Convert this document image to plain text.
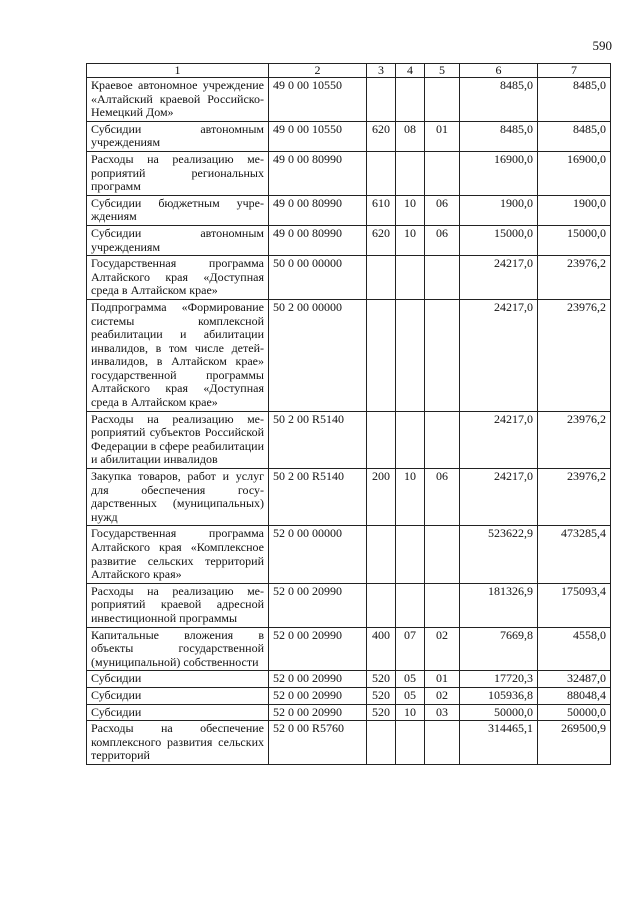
590
1	2	3	4	5	6	7
Краевое автономное учреждение «Алтайский краевой Российско-Немецкий Дом»	49 0 00 10550				8485,0	8485,0
Субсидии автономным учреждениям	49 0 00 10550	620	08	01	8485,0	8485,0
Расходы на реализацию мероприятий региональных программ	49 0 00 80990				16900,0	16900,0
Субсидии бюджетным учреждениям	49 0 00 80990	610	10	06	1900,0	1900,0
Субсидии автономным учреждениям	49 0 00 80990	620	10	06	15000,0	15000,0
Государственная программа Алтайского края «Доступная среда в Алтайском крае»	50 0 00 00000				24217,0	23976,2
Подпрограмма «Формирование системы комплексной реабилитации и абилитации инвалидов, в том числе детей-инвалидов, в Алтайском крае» государственной программы Алтайского края «Доступная среда в Алтайском крае»	50 2 00 00000				24217,0	23976,2
Расходы на реализацию мероприятий субъектов Российской Федерации в сфере реабилитации и абилитации инвалидов	50 2 00 R5140				24217,0	23976,2
Закупка товаров, работ и услуг для обеспечения государственных (муниципальных) нужд	50 2 00 R5140	200	10	06	24217,0	23976,2
Государственная программа Алтайского края «Комплексное развитие сельских территорий Алтайского края»	52 0 00 00000				523622,9	473285,4
Расходы на реализацию мероприятий краевой адресной инвестиционной программы	52 0 00 20990				181326,9	175093,4
Капитальные вложения в объекты государственной (муниципальной) собственности	52 0 00 20990	400	07	02	7669,8	4558,0
Субсидии	52 0 00 20990	520	05	01	17720,3	32487,0
Субсидии	52 0 00 20990	520	05	02	105936,8	88048,4
Субсидии	52 0 00 20990	520	10	03	50000,0	50000,0
Расходы на обеспечение комплексного развития сельских территорий	52 0 00 R5760				314465,1	269500,9
